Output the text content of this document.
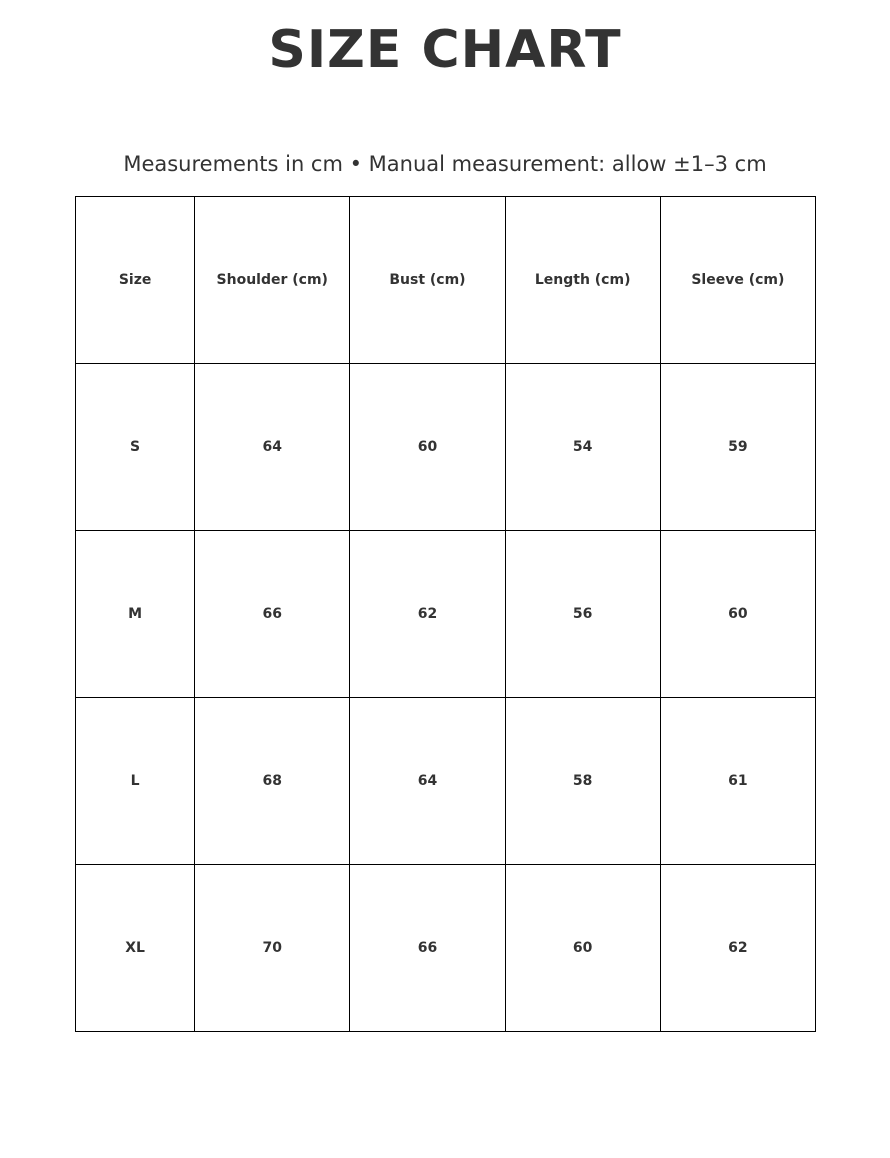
SIZE CHART

Measurements in cm • Manual measurement: allow ±1–3 cm

Size	Shoulder (cm)	Bust (cm)	Length (cm)	Sleeve (cm)
S	64	60	54	59
M	66	62	56	60
L	68	64	58	61
XL	70	66	60	62
